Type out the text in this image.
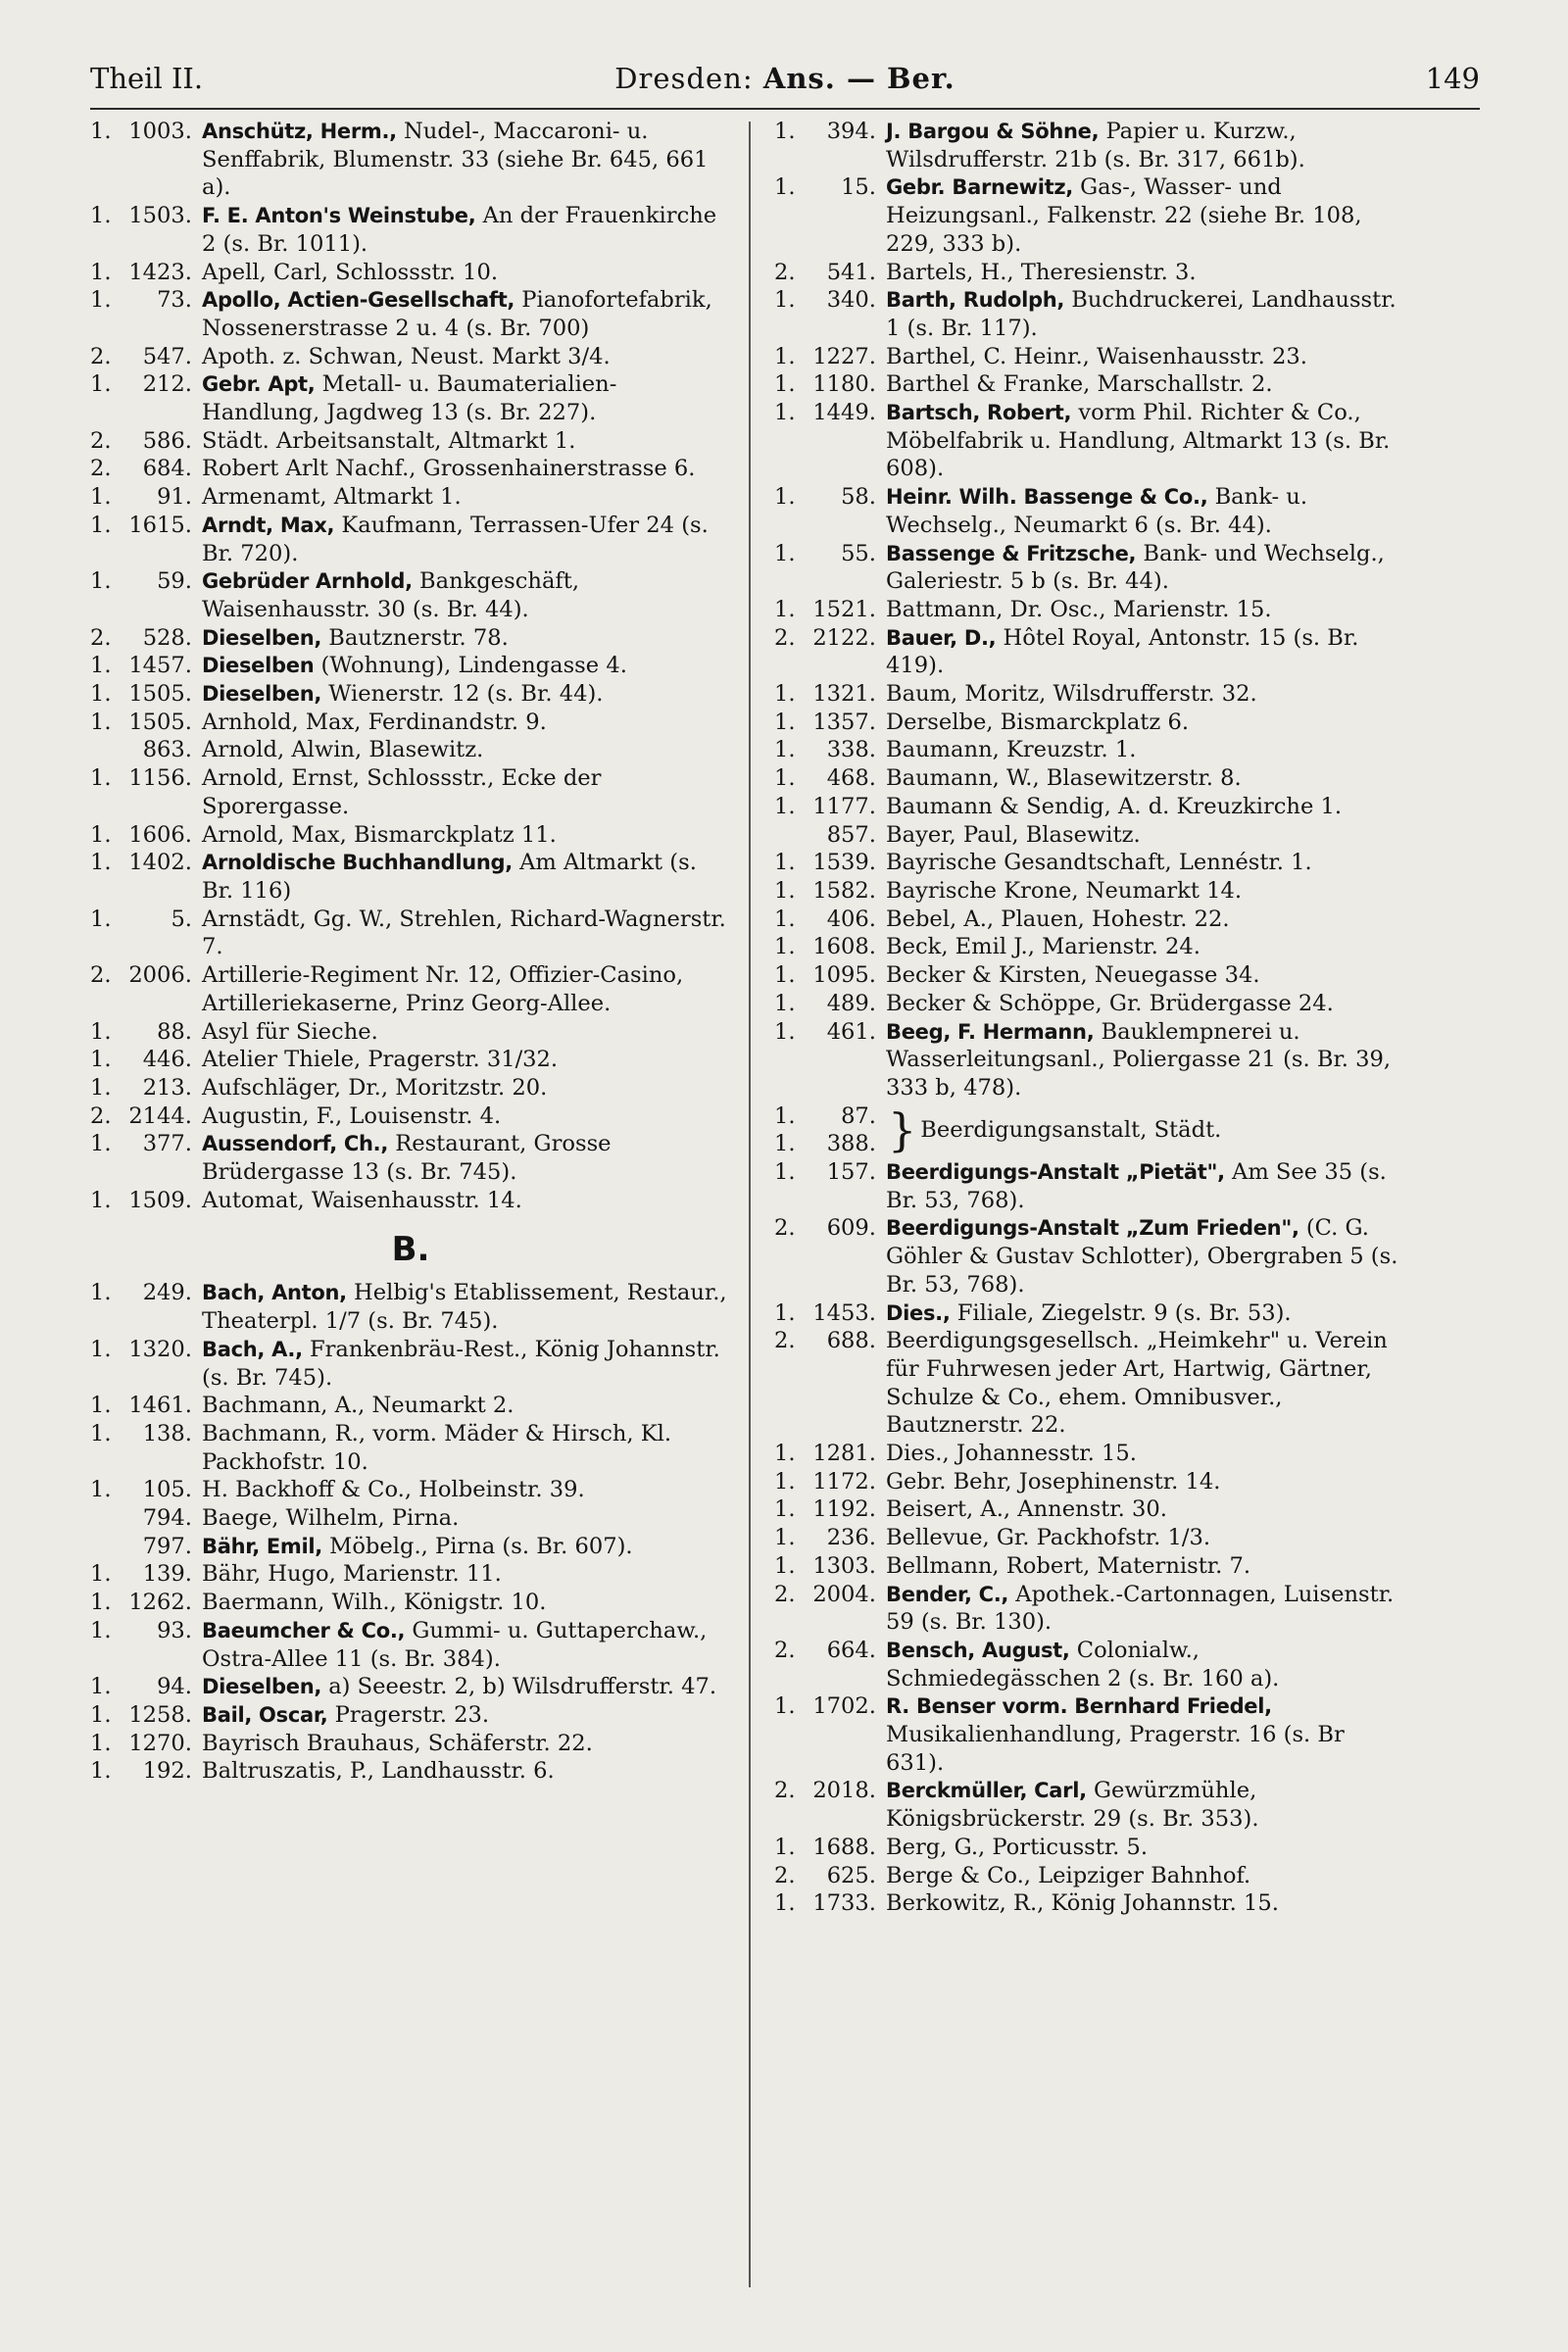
Theil II.	Dresden: Ans. — Ber.	149
1. 1003. Anschütz, Herm., Nudel-, Maccaroni- u. Senffabrik, Blumenstr. 33 (siehe Br. 645, 661 a).
1. 1503. F. E. Anton's Weinstube, An der Frauenkirche 2 (s. Br. 1011).
1. 1423. Apell, Carl, Schlossstr. 10.
1.	73. Apollo, Actien-Gesellschaft, Pianofortefabrik, Nossenerstrasse 2 u. 4 (s. Br. 700)
2.	547. Apoth. z. Schwan, Neust. Markt 3/4.
1.	212. Gebr. Apt, Metall- u. Baumaterialien-Handlung, Jagdweg 13 (s. Br. 227).
2.	586. Städt. Arbeitsanstalt, Altmarkt 1.
2.	684. Robert Arlt Nachf., Grossenhainerstrasse 6.
1.	91. Armenamt, Altmarkt 1.
1. 1615. Arndt, Max, Kaufmann, Terrassen-Ufer 24 (s. Br. 720).
1.	59. Gebrüder Arnhold, Bankgeschäft, Waisenhausstr. 30 (s. Br. 44).
2.	528. Dieselben, Bautznerstr. 78.
1. 1457. Dieselben (Wohnung), Lindengasse 4.
1. 1505. Dieselben, Wienerstr. 12 (s. Br. 44).
1. 1505. Arnhold, Max, Ferdinandstr. 9.
863. Arnold, Alwin, Blasewitz.
1. 1156. Arnold, Ernst, Schlossstr., Ecke der Sporergasse.
1. 1606. Arnold, Max, Bismarckplatz 11.
1. 1402. Arnoldische Buchhandlung, Am Altmarkt (s. Br. 116)
1.	5. Arnstädt, Gg. W., Strehlen, Richard-Wagnerstr. 7.
2. 2006. Artillerie-Regiment Nr. 12, Offizier-Casino, Artilleriekaserne, Prinz Georg-Allee.
1.	88. Asyl für Sieche.
1.	446. Atelier Thiele, Pragerstr. 31/32.
1.	213. Aufschläger, Dr., Moritzstr. 20.
2. 2144. Augustin, F., Louisenstr. 4.
1.	377. Aussendorf, Ch., Restaurant, Grosse Brüdergasse 13 (s. Br. 745).
1. 1509. Automat, Waisenhausstr. 14.
B.
1.	249. Bach, Anton, Helbig's Etablissement, Restaur., Theaterpl. 1/7 (s. Br. 745).
1. 1320. Bach, A., Frankenbräu-Rest., König Johannstr. (s. Br. 745).
1. 1461. Bachmann, A., Neumarkt 2.
1.	138. Bachmann, R., vorm. Mäder & Hirsch, Kl. Packhofstr. 10.
1.	105. H. Backhoff & Co., Holbeinstr. 39.
794. Baege, Wilhelm, Pirna.
797. Bähr, Emil, Möbelg., Pirna (s. Br. 607).
1.	139. Bähr, Hugo, Marienstr. 11.
1. 1262. Baermann, Wilh., Königstr. 10.
1.	93. Baeumcher & Co., Gummi- u. Guttaperchaw., Ostra-Allee 11 (s. Br. 384).
1.	94. Dieselben, a) Seeestr. 2, b) Wilsdrufferstr. 47.
1. 1258. Bail, Oscar, Pragerstr. 23.
1. 1270. Bayrisch Brauhaus, Schäferstr. 22.
1.	192. Baltruszatis, P., Landhausstr. 6.
1.	394. J. Bargou & Söhne, Papier u. Kurzw., Wilsdrufferstr. 21b (s. Br. 317, 661b).
1.	15. Gebr. Barnewitz, Gas-, Wasser- und Heizungsanl., Falkenstr. 22 (siehe Br. 108, 229, 333 b).
2.	541. Bartels, H., Theresienstr. 3.
1.	340. Barth, Rudolph, Buchdruckerei, Landhausstr. 1 (s. Br. 117).
1. 1227. Barthel, C. Heinr., Waisenhausstr. 23.
1. 1180. Barthel & Franke, Marschallstr. 2.
1. 1449. Bartsch, Robert, vorm Phil. Richter & Co., Möbelfabrik u. Handlung, Altmarkt 13 (s. Br. 608).
1.	58. Heinr. Wilh. Bassenge & Co., Bank- u. Wechselg., Neumarkt 6 (s. Br. 44).
1.	55. Bassenge & Fritzsche, Bank- und Wechselg., Galeriestr. 5 b (s. Br. 44).
1. 1521. Battmann, Dr. Osc., Marienstr. 15.
2. 2122. Bauer, D., Hôtel Royal, Antonstr. 15 (s. Br. 419).
1. 1321. Baum, Moritz, Wilsdrufferstr. 32.
1. 1357. Derselbe, Bismarckplatz 6.
1.	338. Baumann, Kreuzstr. 1.
1.	468. Baumann, W., Blasewitzerstr. 8.
1. 1177. Baumann & Sendig, A. d. Kreuzkirche 1.
857. Bayer, Paul, Blasewitz.
1. 1539. Bayrische Gesandtschaft, Lennéstr. 1.
1. 1582. Bayrische Krone, Neumarkt 14.
1.	406. Bebel, A., Plauen, Hohestr. 22.
1. 1608. Beck, Emil J., Marienstr. 24.
1. 1095. Becker & Kirsten, Neuegasse 34.
1.	489. Becker & Schöppe, Gr. Brüdergasse 24.
1.	461. Beeg, F. Hermann, Bauklempnerei u. Wasserleitungsanl., Poliergasse 21 (s. Br. 39, 333 b, 478).
1.	87.
1.	388. } Beerdigungsanstalt, Städt.
1.	157. Beerdigungs-Anstalt „Pietät", Am See 35 (s. Br. 53, 768).
2.	609. Beerdigungs-Anstalt „Zum Frieden", (C. G. Göhler & Gustav Schlotter), Obergraben 5 (s. Br. 53, 768).
1. 1453. Dies., Filiale, Ziegelstr. 9 (s. Br. 53).
2.	688. Beerdigungsgesellsch. „Heimkehr" u. Verein für Fuhrwesen jeder Art, Hartwig, Gärtner, Schulze & Co., ehem. Omnibusver., Bautznerstr. 22.
1. 1281. Dies., Johannesstr. 15.
1. 1172. Gebr. Behr, Josephinenstr. 14.
1. 1192. Beisert, A., Annenstr. 30.
1.	236. Bellevue, Gr. Packhofstr. 1/3.
1. 1303. Bellmann, Robert, Maternistr. 7.
2. 2004. Bender, C., Apothek.-Cartonnagen, Luisenstr. 59 (s. Br. 130).
2.	664. Bensch, August, Colonialw., Schmiedegässchen 2 (s. Br. 160 a).
1. 1702. R. Benser vorm. Bernhard Friedel, Musikalienhandlung, Pragerstr. 16 (s. Br 631).
2. 2018. Berckmüller, Carl, Gewürzmühle, Königsbrückerstr. 29 (s. Br. 353).
1. 1688. Berg, G., Porticusstr. 5.
2.	625. Berge & Co., Leipziger Bahnhof.
1. 1733. Berkowitz, R., König Johannstr. 15.
